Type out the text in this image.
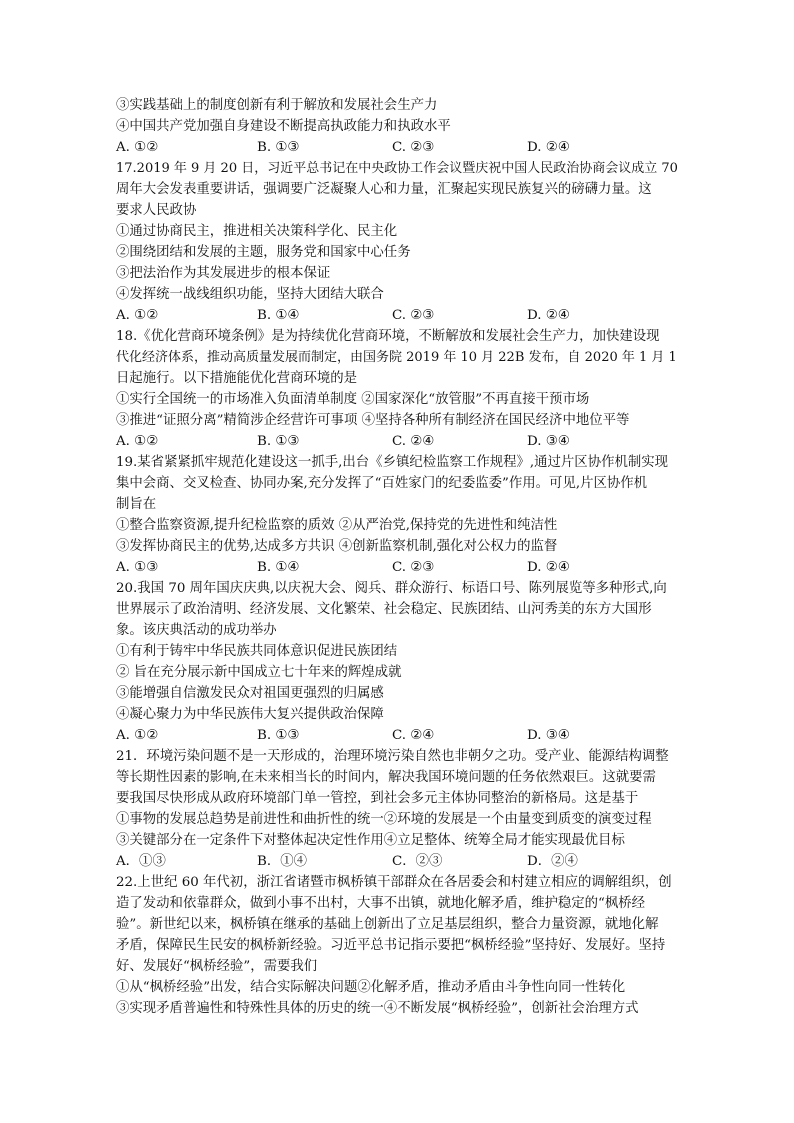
③实践基础上的制度创新有利于解放和发展社会生产力
④中国共产党加强自身建设不断提高执政能力和执政水平
A. ①②	B. ①③	C. ②③	D. ②④
17.2019 年 9 月 20 日，习近平总书记在中央政协工作会议暨庆祝中国人民政治协商会议成立 70
周年大会发表重要讲话，强调要广泛凝聚人心和力量，汇聚起实现民族复兴的磅礴力量。这
要求人民政协
①通过协商民主，推进相关决策科学化、民主化
②围绕团结和发展的主题，服务党和国家中心任务
③把法治作为其发展进步的根本保证
④发挥统一战线组织功能，坚持大团结大联合
A. ①②	B. ①④	C. ②③	D. ②④
18.《优化营商环境条例》是为持续优化营商环境，不断解放和发展社会生产力，加快建设现
代化经济体系，推动高质量发展而制定，由国务院 2019 年 10 月 22B 发布，自 2020 年 1 月 1
日起施行。以下措施能优化营商环境的是
①实行全国统一的市场准入负面清单制度 ②国家深化“放管服”不再直接干预市场
③推进“证照分离”精简涉企经营许可事项 ④坚持各种所有制经济在国民经济中地位平等
A. ①②	B. ①③	C. ②④	D. ③④
19.某省紧紧抓牢规范化建设这一抓手,出台《乡镇纪检监察工作规程》,通过片区协作机制实现
集中会商、交叉检查、协同办案,充分发挥了“百姓家门的纪委监委”作用。可见,片区协作机
制旨在
①整合监察资源,提升纪检监察的质效 ②从严治党,保持党的先进性和纯洁性
③发挥协商民主的优势,达成多方共识 ④创新监察机制,强化对公权力的监督
A. ①③	B. ①④	C. ②③	D. ②④
20.我国 70 周年国庆庆典,以庆祝大会、阅兵、群众游行、标语口号、陈列展览等多种形式,向
世界展示了政治清明、经济发展、文化繁荣、社会稳定、民族团结、山河秀美的东方大国形
象。该庆典活动的成功举办
①有利于铸牢中华民族共同体意识促进民族团结
② 旨在充分展示新中国成立七十年来的辉煌成就
③能增强自信激发民众对祖国更强烈的归属感
④凝心聚力为中华民族伟大复兴提供政治保障
A. ①②	B. ①③	C. ②④	D. ③④
21．环境污染问题不是一天形成的，治理环境污染自然也非朝夕之功。受产业、能源结构调整
等长期性因素的影响,在未来相当长的时间内，解决我国环境问题的任务依然艰巨。这就要需
要我国尽快形成从政府环境部门单一管控，到社会多元主体协同整治的新格局。这是基于
①事物的发展总趋势是前进性和曲折性的统一②环境的发展是一个由量变到质变的演变过程
③关键部分在一定条件下对整体起决定性作用④立足整体、统筹全局才能实现最优目标
A．①③	B．①④	C．②③	D．②④
22.上世纪 60 年代初，浙江省诸暨市枫桥镇干部群众在各居委会和村建立相应的调解组织，创
造了发动和依靠群众，做到小事不出村，大事不出镇，就地化解矛盾，维护稳定的“枫桥经
验”。新世纪以来，枫桥镇在继承的基础上创新出了立足基层组织，整合力量资源，就地化解
矛盾，保障民生民安的枫桥新经验。习近平总书记指示要把“枫桥经验”坚持好、发展好。坚持
好、发展好“枫桥经验”，需要我们
①从“枫桥经验”出发，结合实际解决问题②化解矛盾，推动矛盾由斗争性向同一性转化
③实现矛盾普遍性和特殊性具体的历史的统一④不断发展“枫桥经验”，创新社会治理方式
